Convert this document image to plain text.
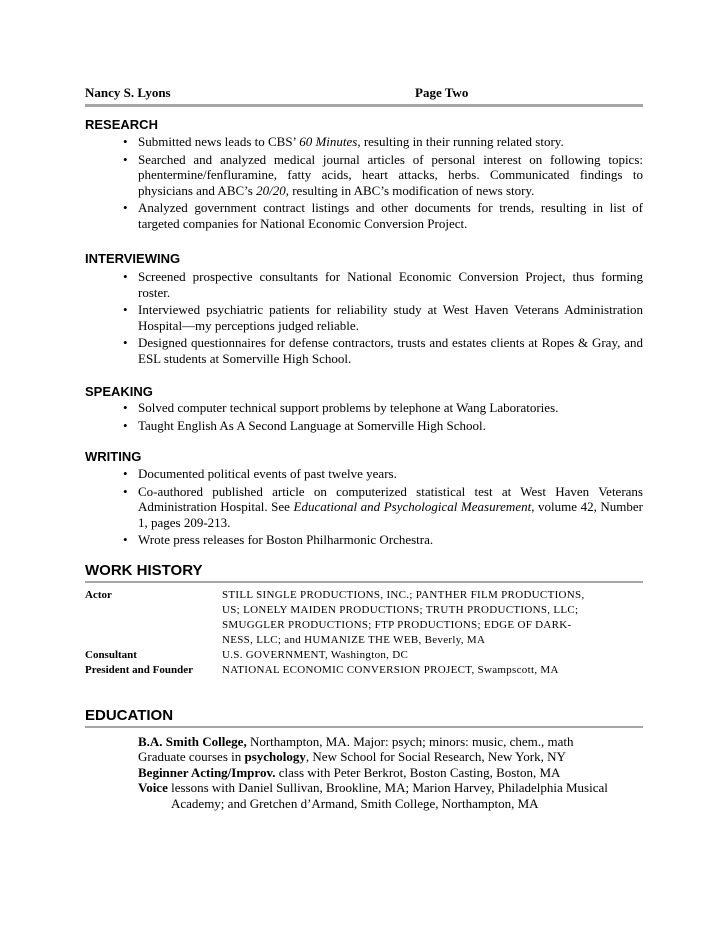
Nancy S. Lyons	Page Two
RESEARCH
• Submitted news leads to CBS’ 60 Minutes, resulting in their running related story.
• Searched and analyzed medical journal articles of personal interest on following topics: phentermine/fenfluramine, fatty acids, heart attacks, herbs. Communicated findings to physicians and ABC’s 20/20, resulting in ABC’s modification of news story.
• Analyzed government contract listings and other documents for trends, resulting in list of targeted companies for National Economic Conversion Project.
INTERVIEWING
• Screened prospective consultants for National Economic Conversion Project, thus forming roster.
• Interviewed psychiatric patients for reliability study at West Haven Veterans Administration Hospital—my perceptions judged reliable.
• Designed questionnaires for defense contractors, trusts and estates clients at Ropes & Gray, and ESL students at Somerville High School.
SPEAKING
• Solved computer technical support problems by telephone at Wang Laboratories.
• Taught English As A Second Language at Somerville High School.
WRITING
• Documented political events of past twelve years.
• Co-authored published article on computerized statistical test at West Haven Veterans Administration Hospital. See Educational and Psychological Measurement, volume 42, Number 1, pages 209-213.
• Wrote press releases for Boston Philharmonic Orchestra.
WORK HISTORY
Actor	STILL SINGLE PRODUCTIONS, INC.; PANTHER FILM PRODUCTIONS,
US; LONELY MAIDEN PRODUCTIONS; TRUTH PRODUCTIONS, LLC;
SMUGGLER PRODUCTIONS; FTP PRODUCTIONS; EDGE OF DARK-
NESS, LLC; and HUMANIZE THE WEB, Beverly, MA
Consultant	U.S. GOVERNMENT, Washington, DC
President and Founder	NATIONAL ECONOMIC CONVERSION PROJECT, Swampscott, MA
EDUCATION
B.A. Smith College, Northampton, MA. Major: psych; minors: music, chem., math
Graduate courses in psychology, New School for Social Research, New York, NY
Beginner Acting/Improv. class with Peter Berkrot, Boston Casting, Boston, MA
Voice lessons with Daniel Sullivan, Brookline, MA; Marion Harvey, Philadelphia Musical
Academy; and Gretchen d’Armand, Smith College, Northampton, MA
